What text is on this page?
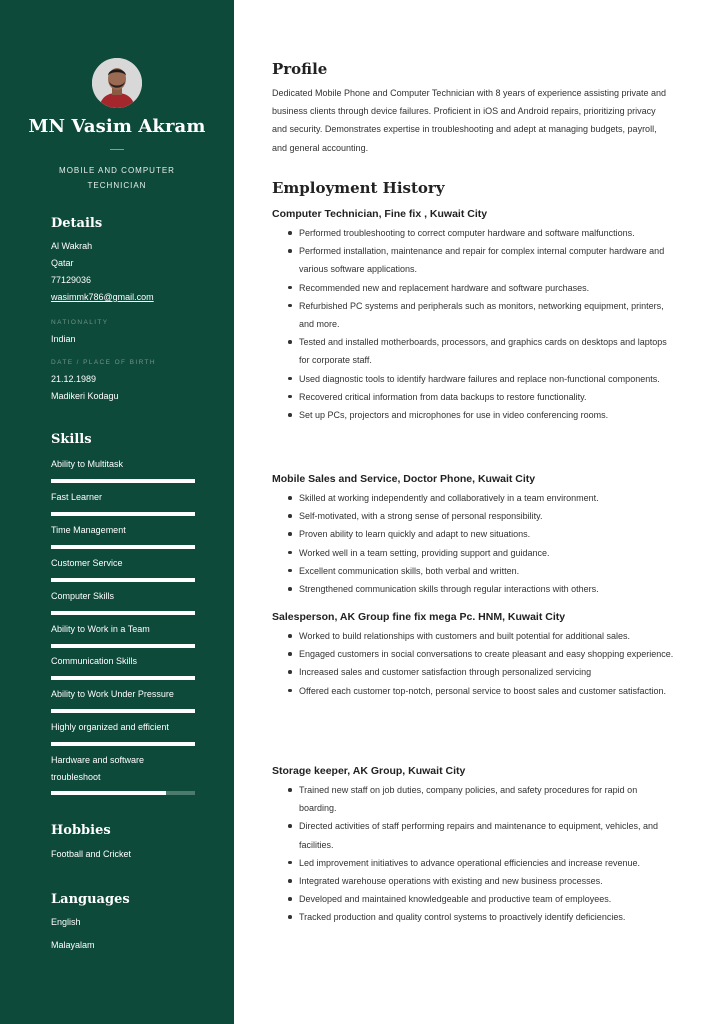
MN Vasim Akram
MOBILE AND COMPUTER TECHNICIAN
Details
Al Wakrah
Qatar
77129036
wasimmk786@gmail.com
NATIONALITY
Indian
DATE / PLACE OF BIRTH
21.12.1989
Madikeri Kodagu
Skills
Ability to Multitask
Fast Learner
Time Management
Customer Service
Computer Skills
Ability to Work in a Team
Communication Skills
Ability to Work Under Pressure
Highly organized and efficient
Hardware and software troubleshoot
Hobbies
Football and Cricket
Languages
English
Malayalam
Profile
Dedicated Mobile Phone and Computer Technician with 8 years of experience assisting private and business clients through device failures. Proficient in iOS and Android repairs, prioritizing privacy and security. Demonstrates expertise in troubleshooting and adept at managing budgets, payroll, and general accounting.
Employment History
Computer Technician, Fine fix , Kuwait City
Performed troubleshooting to correct computer hardware and software malfunctions.
Performed installation, maintenance and repair for complex internal computer hardware and various software applications.
Recommended new and replacement hardware and software purchases.
Refurbished PC systems and peripherals such as monitors, networking equipment, printers, and more.
Tested and installed motherboards, processors, and graphics cards on desktops and laptops for corporate staff.
Used diagnostic tools to identify hardware failures and replace non-functional components.
Recovered critical information from data backups to restore functionality.
Set up PCs, projectors and microphones for use in video conferencing rooms.
Mobile Sales and Service, Doctor Phone, Kuwait City
Skilled at working independently and collaboratively in a team environment.
Self-motivated, with a strong sense of personal responsibility.
Proven ability to learn quickly and adapt to new situations.
Worked well in a team setting, providing support and guidance.
Excellent communication skills, both verbal and written.
Strengthened communication skills through regular interactions with others.
Salesperson, AK Group fine fix mega Pc. HNM, Kuwait City
Worked to build relationships with customers and built potential for additional sales.
Engaged customers in social conversations to create pleasant and easy shopping experience.
Increased sales and customer satisfaction through personalized servicing
Offered each customer top-notch, personal service to boost sales and customer satisfaction.
Storage keeper, AK Group, Kuwait City
Trained new staff on job duties, company policies, and safety procedures for rapid on boarding.
Directed activities of staff performing repairs and maintenance to equipment, vehicles, and facilities.
Led improvement initiatives to advance operational efficiencies and increase revenue.
Integrated warehouse operations with existing and new business processes.
Developed and maintained knowledgeable and productive team of employees.
Tracked production and quality control systems to proactively identify deficiencies.
